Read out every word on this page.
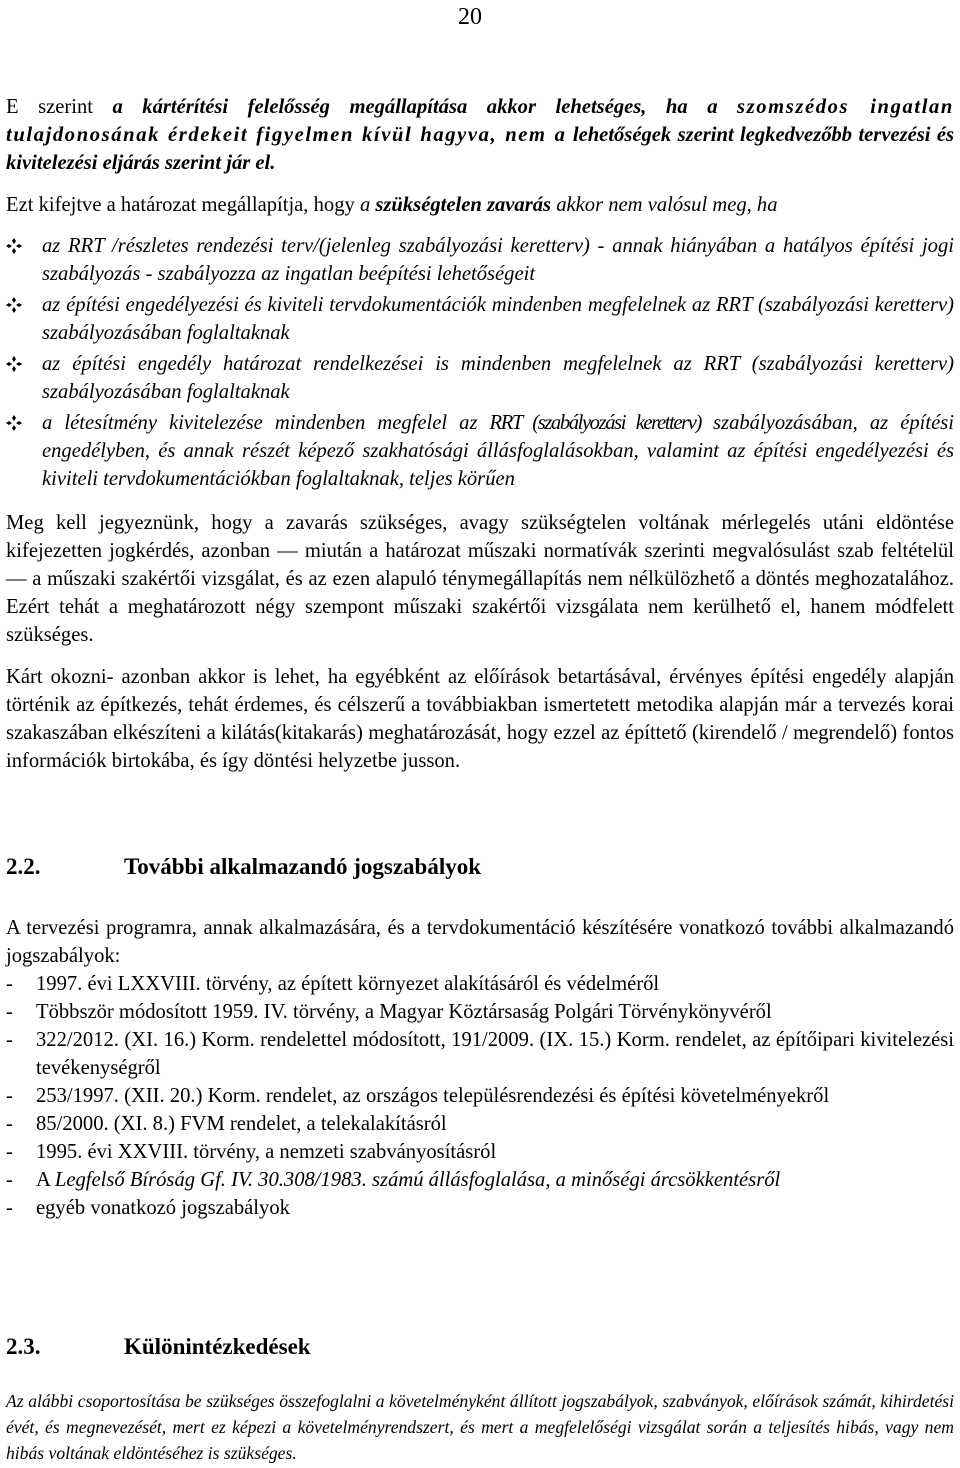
20

E szerint a kártérítési felelősség megállapítása akkor lehetséges, ha a szomszédos ingatlan tulajdonosának érdekeit figyelmen kívül hagyva, nem a lehetőségek szerint legkedvezőbb tervezési és kivitelezési eljárás szerint jár el.

Ezt kifejtve a határozat megállapítja, hogy a szükségtelen zavarás akkor nem valósul meg, ha

az RRT /részletes rendezési terv/(jelenleg szabályozási keretterv) - annak hiányában a hatályos építési jogi szabályozás - szabályozza az ingatlan beépítési lehetőségeit
az építési engedélyezési és kiviteli tervdokumentációk mindenben megfelelnek az RRT (szabályozási keretterv) szabályozásában foglaltaknak
az építési engedély határozat rendelkezései is mindenben megfelelnek az RRT (szabályozási keretterv) szabályozásában foglaltaknak
a létesítmény kivitelezése mindenben megfelel az RRT (szabályozási keretterv) szabályozásában, az építési engedélyben, és annak részét képező szakhatósági állásfoglalásokban, valamint az építési engedélyezési és kiviteli tervdokumentációkban foglaltaknak, teljes körűen

Meg kell jegyeznünk, hogy a zavarás szükséges, avagy szükségtelen voltának mérlegelés utáni eldöntése kifejezetten jogkérdés, azonban — miután a határozat műszaki normatívák szerinti megvalósulást szab feltételül — a műszaki szakértői vizsgálat, és az ezen alapuló ténymegállapítás nem nélkülözhető a döntés meghozatalához. Ezért tehát a meghatározott négy szempont műszaki szakértői vizsgálata nem kerülhető el, hanem módfelett szükséges.

Kárt okozni- azonban akkor is lehet, ha egyébként az előírások betartásával, érvényes építési engedély alapján történik az építkezés, tehát érdemes, és célszerű a továbbiakban ismertetett metodika alapján már a tervezés korai szakaszában elkészíteni a kilátás(kitakarás) meghatározását, hogy ezzel az építtető (kirendelő / megrendelő) fontos információk birtokába, és így döntési helyzetbe jusson.

2.2.	További alkalmazandó jogszabályok

A tervezési programra, annak alkalmazására, és a tervdokumentáció készítésére vonatkozó további alkalmazandó jogszabályok:

- 1997. évi LXXVIII. törvény, az épített környezet alakításáról és védelméről
- Többször módosított 1959. IV. törvény, a Magyar Köztársaság Polgári Törvénykönyvéről
- 322/2012. (XI. 16.) Korm. rendelettel módosított, 191/2009. (IX. 15.) Korm. rendelet, az építőipari kivitelezési tevékenységről
- 253/1997. (XII. 20.) Korm. rendelet, az országos településrendezési és építési követelményekről
- 85/2000. (XI. 8.) FVM rendelet, a telekalakításról
- 1995. évi XXVIII. törvény, a nemzeti szabványosításról
- A Legfelső Bíróság Gf. IV. 30.308/1983. számú állásfoglalása, a minőségi árcsökkentésről
- egyéb vonatkozó jogszabályok
2.3.	Különintézkedések

Az alábbi csoportosítása be szükséges összefoglalni a követelményként állított jogszabályok, szabványok, előírások számát, kihirdetési évét, és megnevezését, mert ez képezi a követelményrendszert, és mert a megfelelőségi vizsgálat során a teljesítés hibás, vagy nem hibás voltának eldöntéséhez is szükséges.
